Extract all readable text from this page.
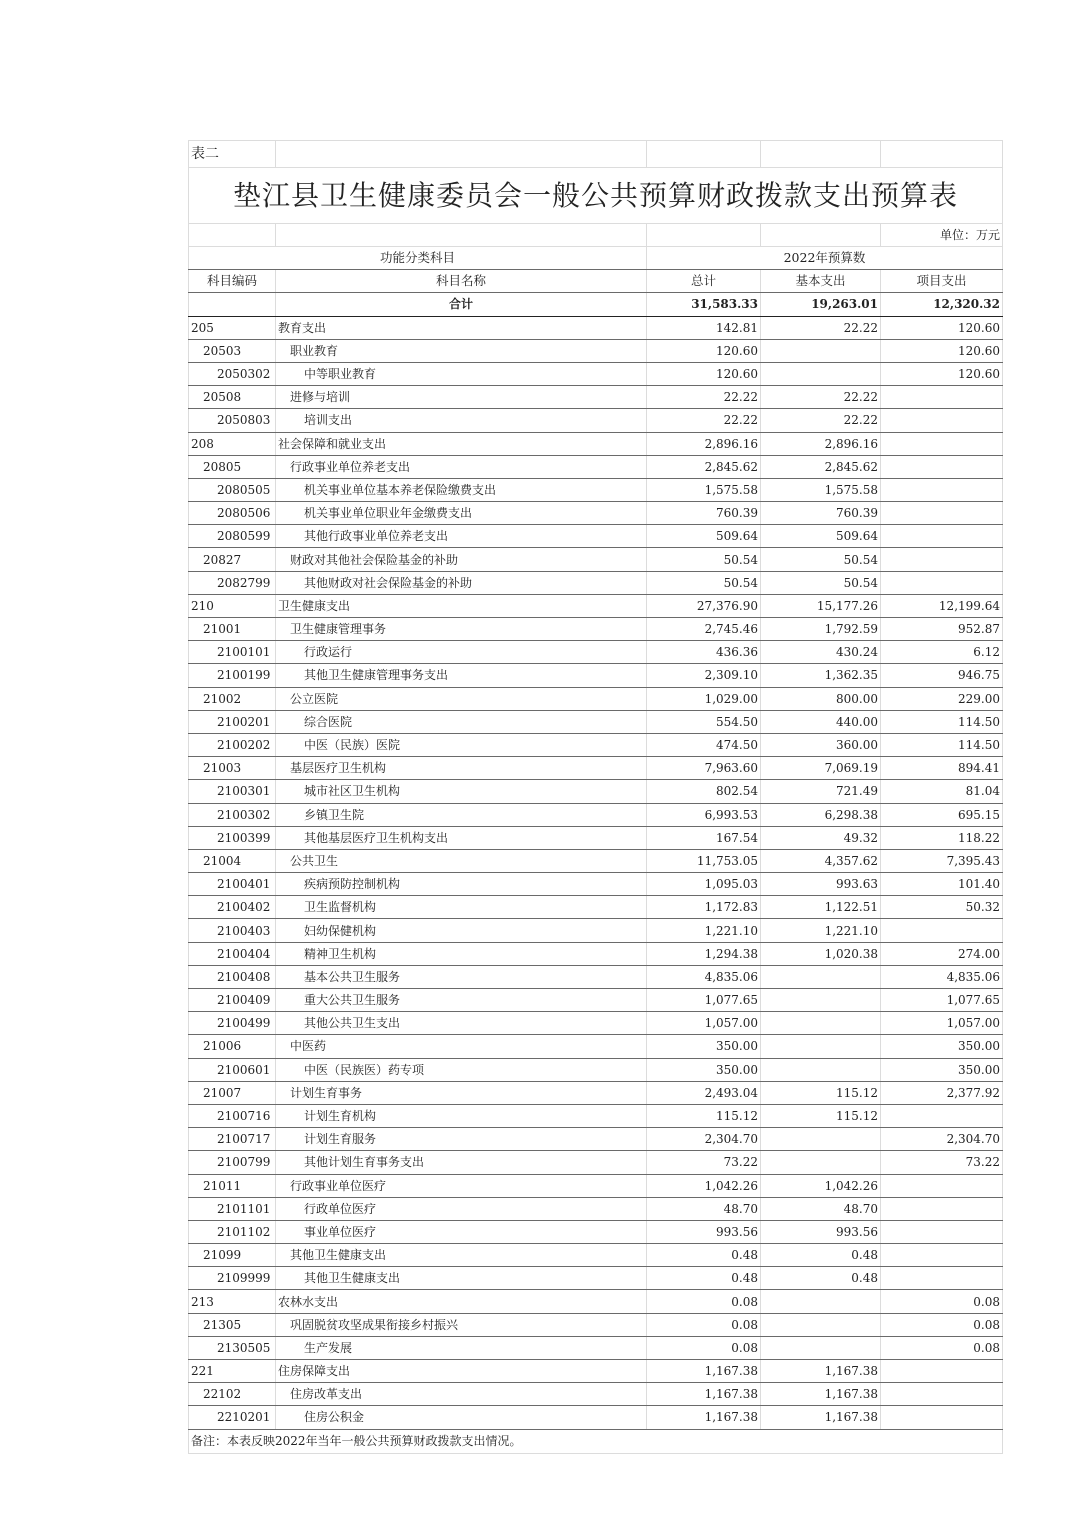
表二				
垫江县卫生健康委员会一般公共预算财政拨款支出预算表				
				单位：万元
功能分类科目		2022年预算数		
科目编码	科目名称	总计	基本支出	项目支出
	合计	31,583.33	19,263.01	12,320.32
205	教育支出	142.81	22.22	120.60
20503	职业教育	120.60		120.60
2050302	中等职业教育	120.60		120.60
20508	进修与培训	22.22	22.22	
2050803	培训支出	22.22	22.22	
208	社会保障和就业支出	2,896.16	2,896.16	
20805	行政事业单位养老支出	2,845.62	2,845.62	
2080505	机关事业单位基本养老保险缴费支出	1,575.58	1,575.58	
2080506	机关事业单位职业年金缴费支出	760.39	760.39	
2080599	其他行政事业单位养老支出	509.64	509.64	
20827	财政对其他社会保险基金的补助	50.54	50.54	
2082799	其他财政对社会保险基金的补助	50.54	50.54	
210	卫生健康支出	27,376.90	15,177.26	12,199.64
21001	卫生健康管理事务	2,745.46	1,792.59	952.87
2100101	行政运行	436.36	430.24	6.12
2100199	其他卫生健康管理事务支出	2,309.10	1,362.35	946.75
21002	公立医院	1,029.00	800.00	229.00
2100201	综合医院	554.50	440.00	114.50
2100202	中医（民族）医院	474.50	360.00	114.50
21003	基层医疗卫生机构	7,963.60	7,069.19	894.41
2100301	城市社区卫生机构	802.54	721.49	81.04
2100302	乡镇卫生院	6,993.53	6,298.38	695.15
2100399	其他基层医疗卫生机构支出	167.54	49.32	118.22
21004	公共卫生	11,753.05	4,357.62	7,395.43
2100401	疾病预防控制机构	1,095.03	993.63	101.40
2100402	卫生监督机构	1,172.83	1,122.51	50.32
2100403	妇幼保健机构	1,221.10	1,221.10	
2100404	精神卫生机构	1,294.38	1,020.38	274.00
2100408	基本公共卫生服务	4,835.06		4,835.06
2100409	重大公共卫生服务	1,077.65		1,077.65
2100499	其他公共卫生支出	1,057.00		1,057.00
21006	中医药	350.00		350.00
2100601	中医（民族医）药专项	350.00		350.00
21007	计划生育事务	2,493.04	115.12	2,377.92
2100716	计划生育机构	115.12	115.12	
2100717	计划生育服务	2,304.70		2,304.70
2100799	其他计划生育事务支出	73.22		73.22
21011	行政事业单位医疗	1,042.26	1,042.26	
2101101	行政单位医疗	48.70	48.70	
2101102	事业单位医疗	993.56	993.56	
21099	其他卫生健康支出	0.48	0.48	
2109999	其他卫生健康支出	0.48	0.48	
213	农林水支出	0.08		0.08
21305	巩固脱贫攻坚成果衔接乡村振兴	0.08		0.08
2130505	生产发展	0.08		0.08
221	住房保障支出	1,167.38	1,167.38	
22102	住房改革支出	1,167.38	1,167.38	
2210201	住房公积金	1,167.38	1,167.38	
备注：本表反映2022年当年一般公共预算财政拨款支出情况。				
